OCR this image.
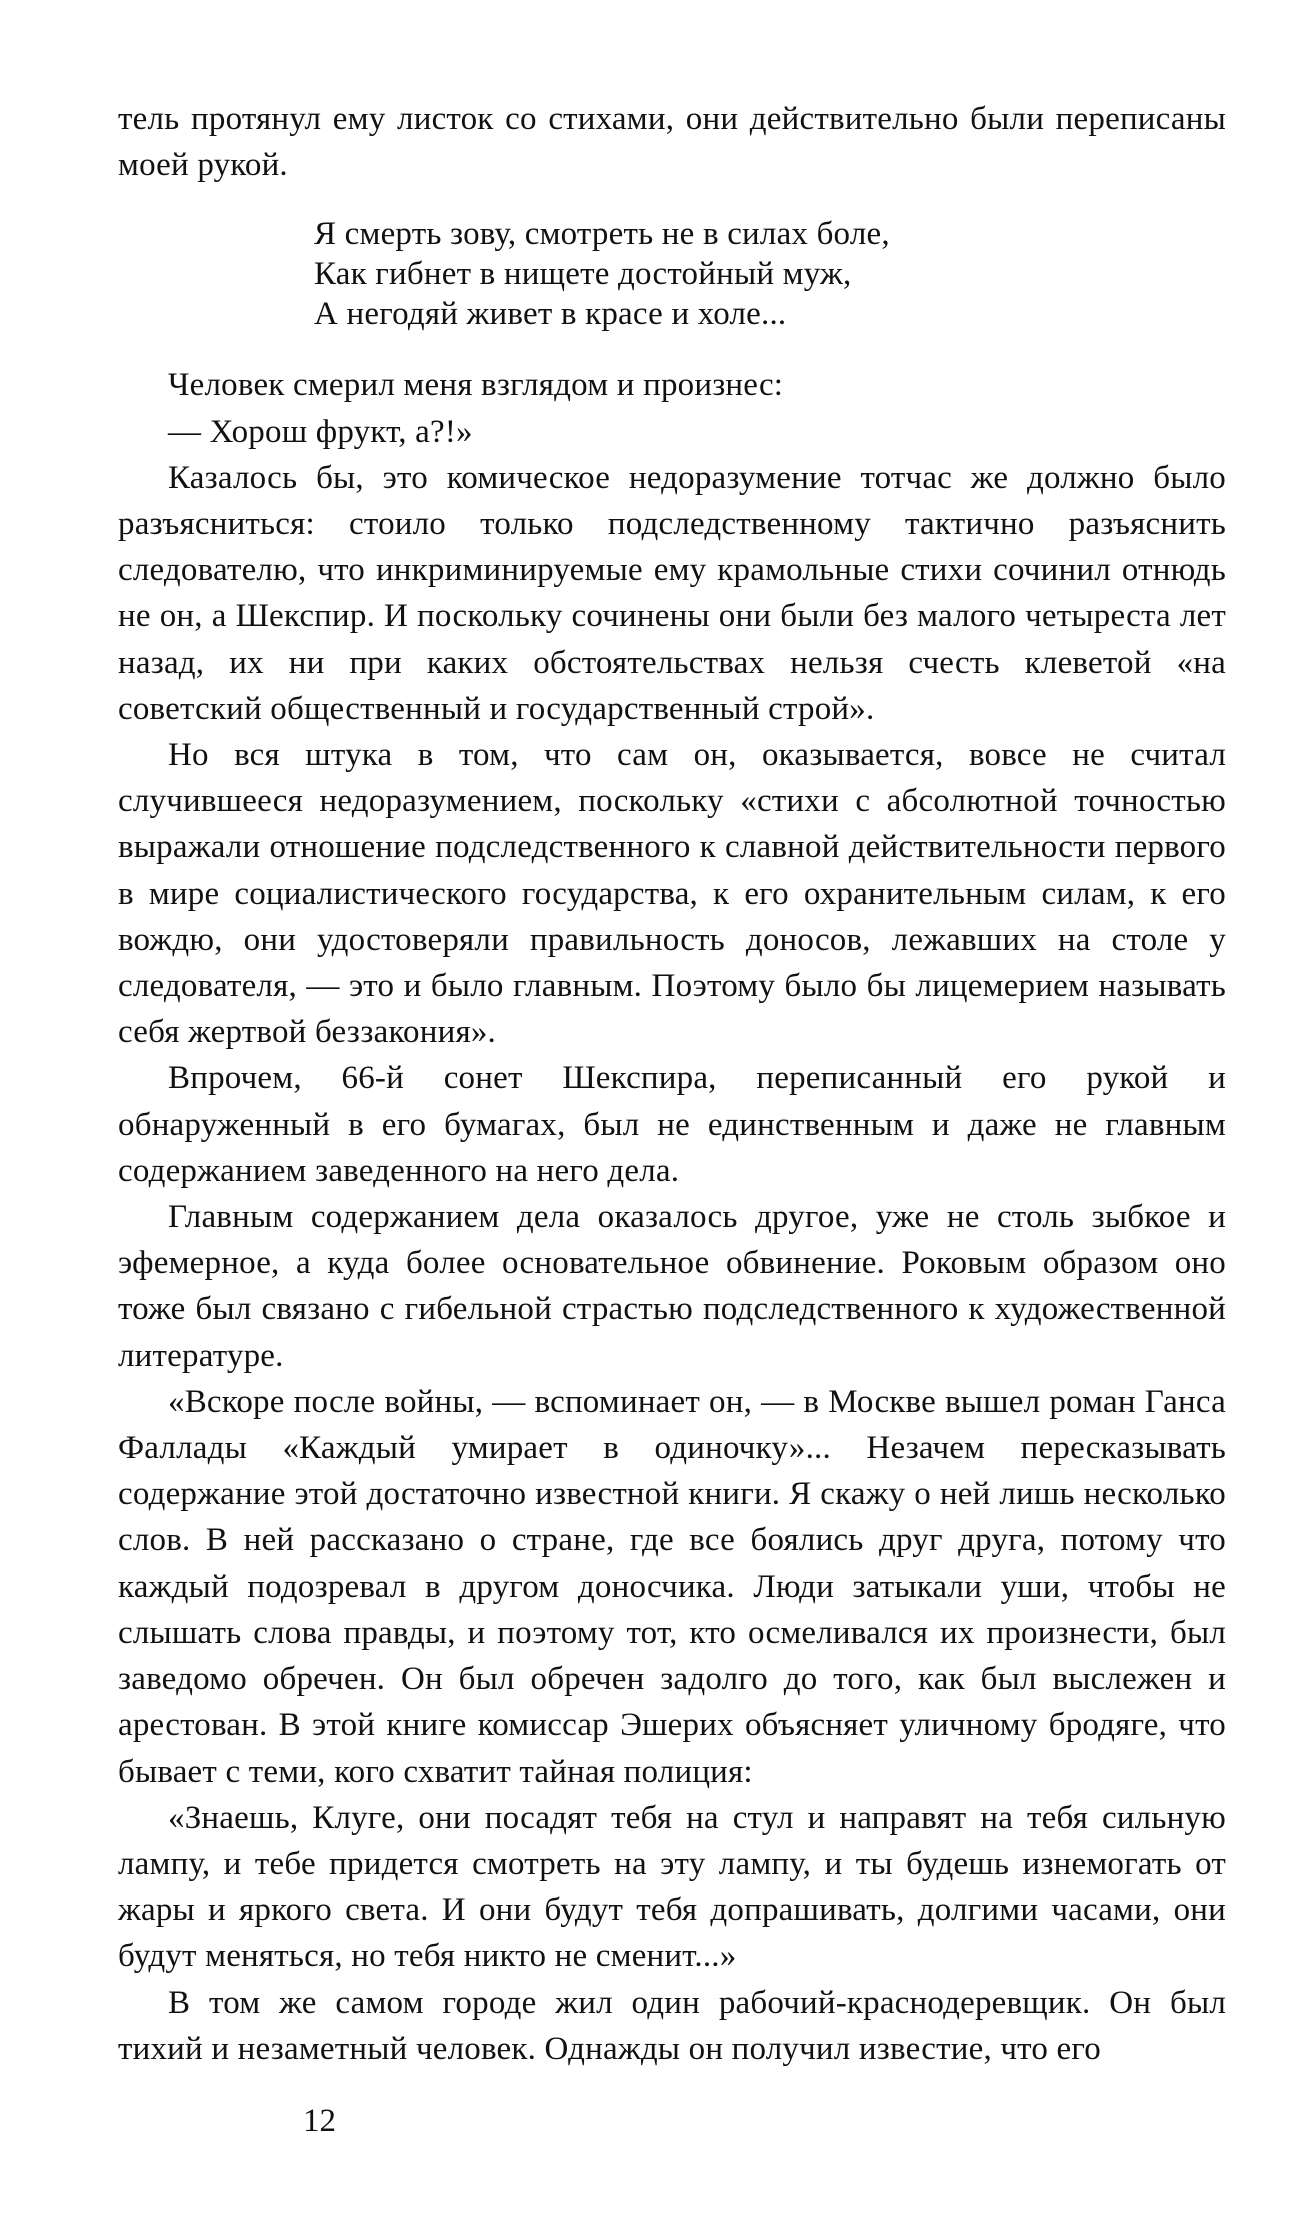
тель протянул ему листок со стихами, они действительно были переписаны моей рукой.

Я смерть зову, смотреть не в силах боле,
Как гибнет в нищете достойный муж,
А негодяй живет в красе и холе...

Человек смерил меня взглядом и произнес:

— Хорош фрукт, а?!»

Казалось бы, это комическое недоразумение тотчас же должно было разъясниться: стоило только подследственному тактично разъяснить следователю, что инкриминируемые ему крамольные стихи сочинил отнюдь не он, а Шекспир. И поскольку сочинены они были без малого четыреста лет назад, их ни при каких обстоятельствах нельзя счесть клеветой «на советский общественный и государственный строй».

Но вся штука в том, что сам он, оказывается, вовсе не считал случившееся недоразумением, поскольку «стихи с абсолютной точностью выражали отношение подследственного к славной действительности первого в мире социалистического государства, к его охранительным силам, к его вождю, они удостоверяли правильность доносов, лежавших на столе у следователя, — это и было главным. Поэтому было бы лицемерием называть себя жертвой беззакония».

Впрочем, 66-й сонет Шекспира, переписанный его рукой и обнаруженный в его бумагах, был не единственным и даже не главным содержанием заведенного на него дела.

Главным содержанием дела оказалось другое, уже не столь зыбкое и эфемерное, а куда более основательное обвинение. Роковым образом оно тоже был связано с гибельной страстью подследственного к художественной литературе.

«Вскоре после войны, — вспоминает он, — в Москве вышел роман Ганса Фаллады «Каждый умирает в одиночку»... Незачем пересказывать содержание этой достаточно известной книги. Я скажу о ней лишь несколько слов. В ней рассказано о стране, где все боялись друг друга, потому что каждый подозревал в другом доносчика. Люди затыкали уши, чтобы не слышать слова правды, и поэтому тот, кто осмеливался их произнести, был заведомо обречен. Он был обречен задолго до того, как был выслежен и арестован. В этой книге комиссар Эшерих объясняет уличному бродяге, что бывает с теми, кого схватит тайная полиция:

«Знаешь, Клуге, они посадят тебя на стул и направят на тебя сильную лампу, и тебе придется смотреть на эту лампу, и ты будешь изнемогать от жары и яркого света. И они будут тебя допрашивать, долгими часами, они будут меняться, но тебя никто не сменит...»

В том же самом городе жил один рабочий-краснодеревщик. Он был тихий и незаметный человек. Однажды он получил известие, что его

12
